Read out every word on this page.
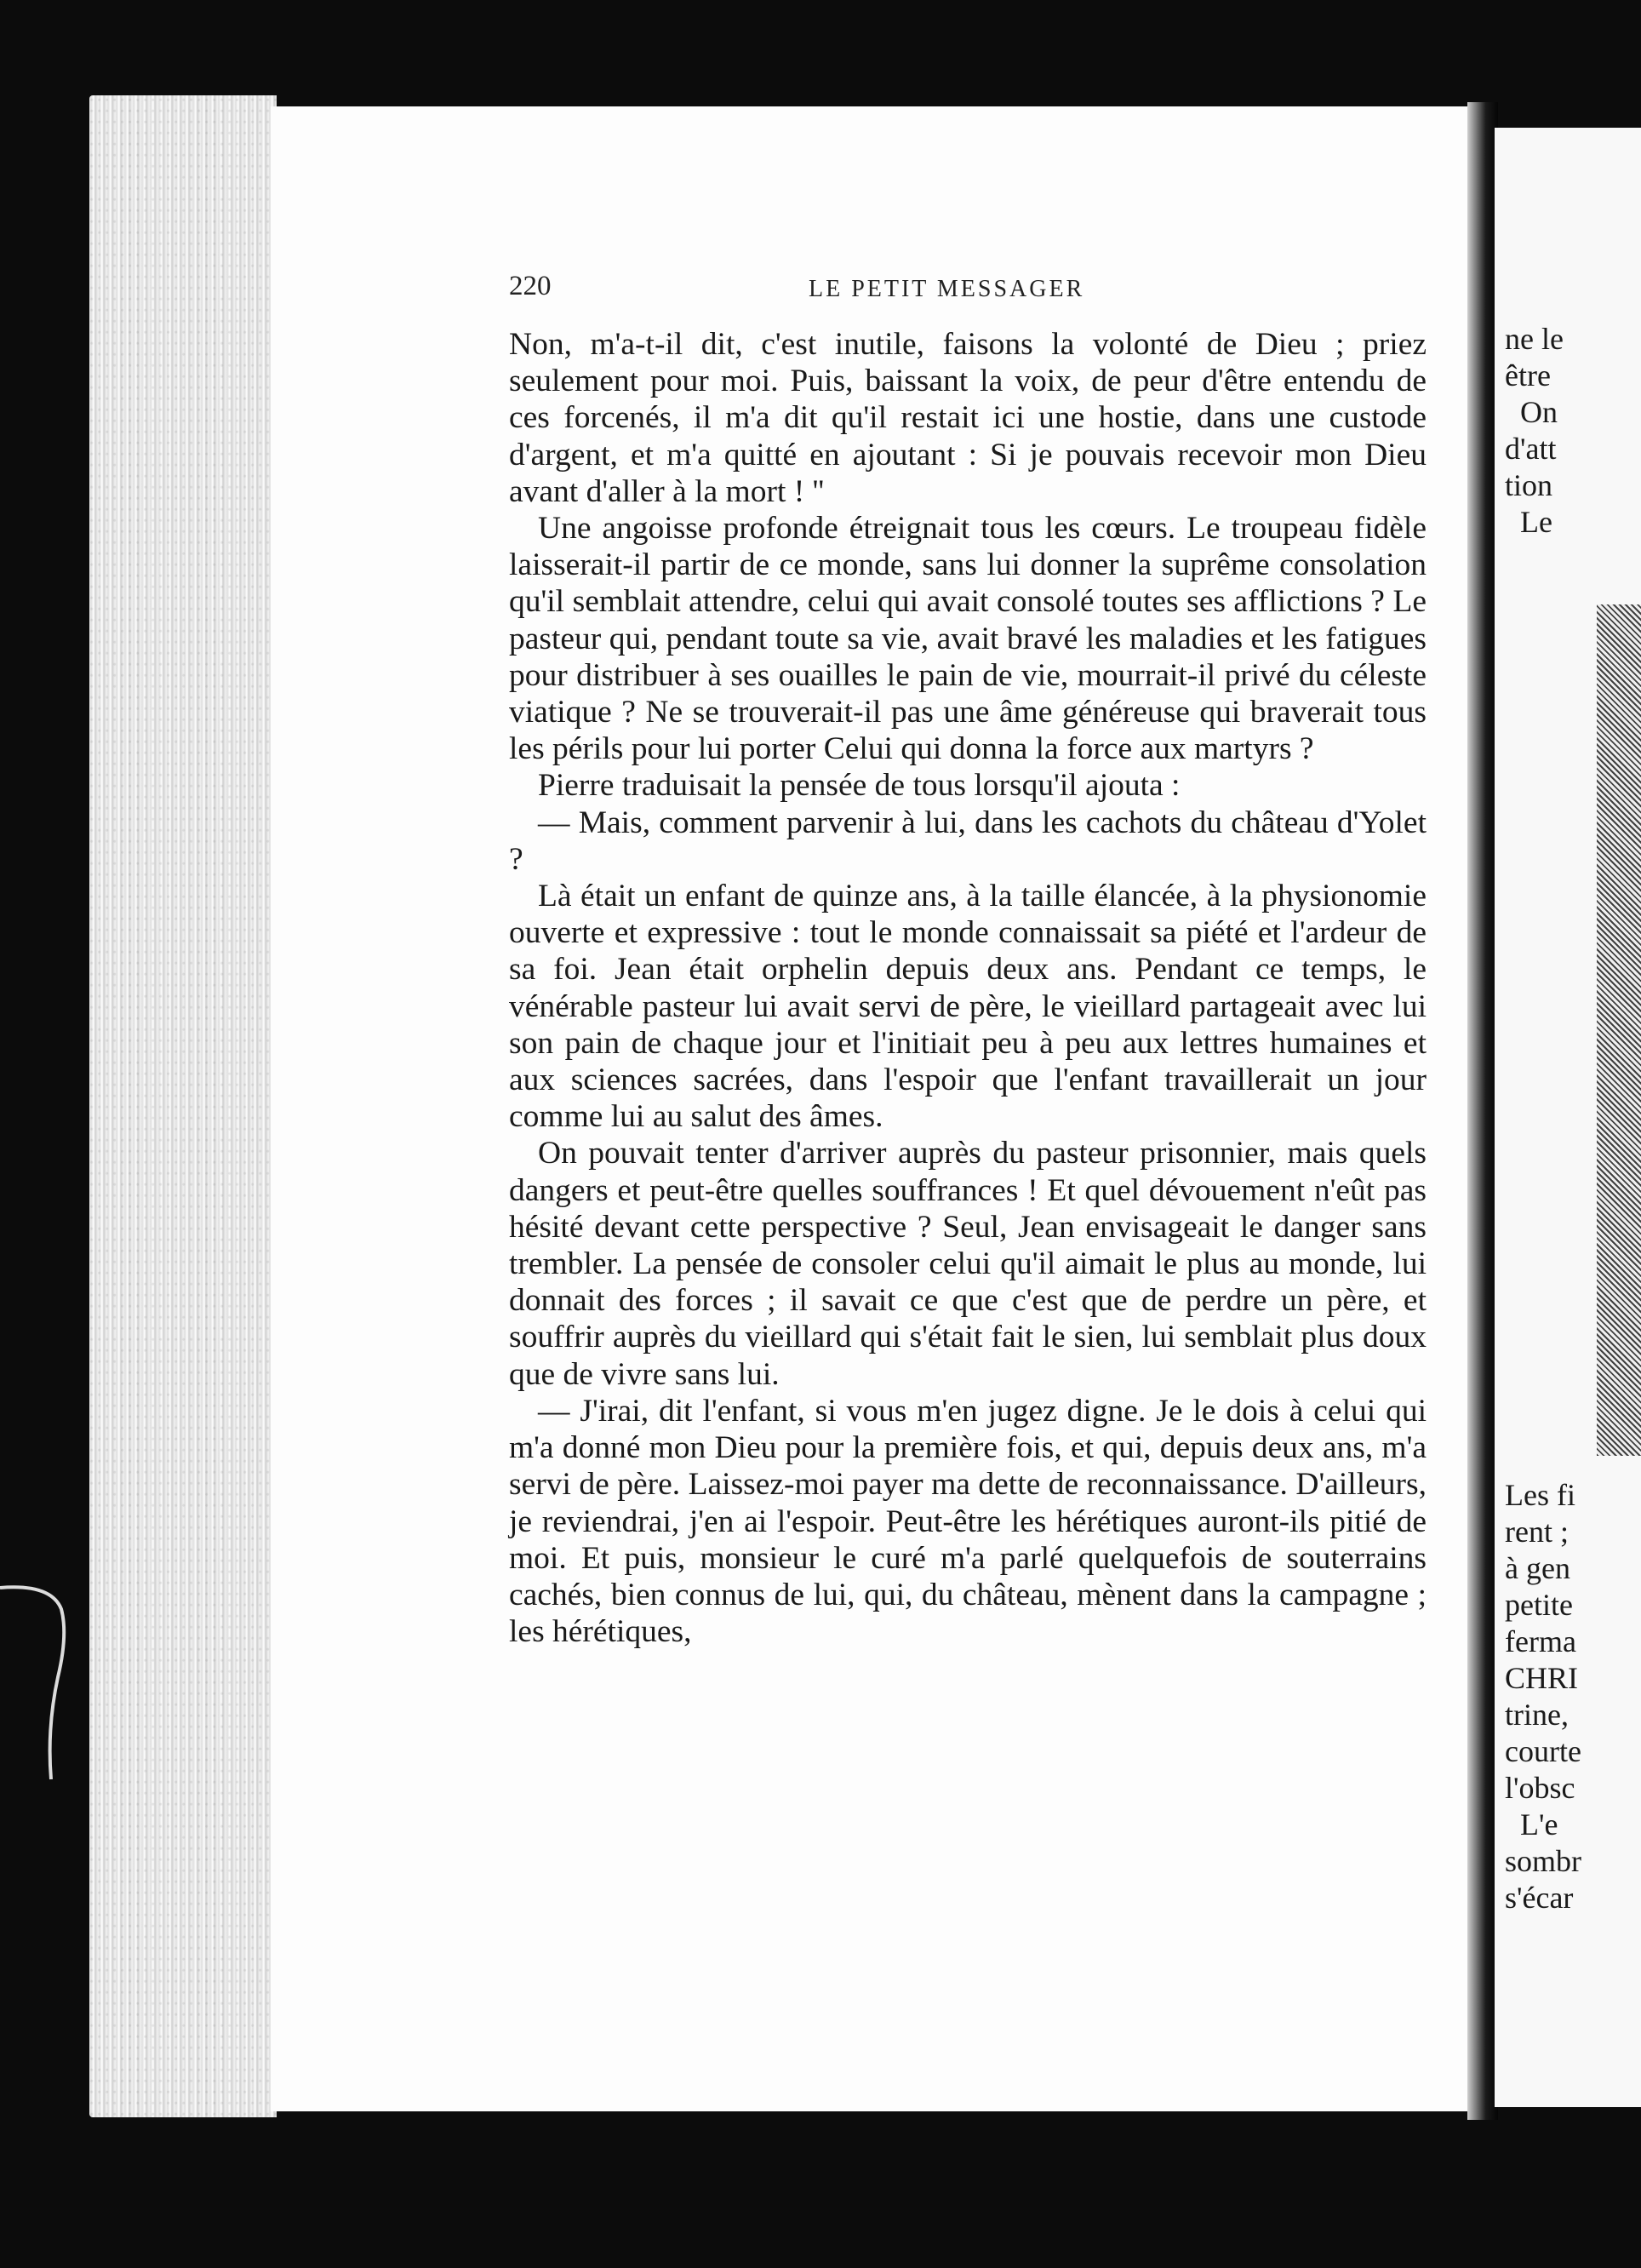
ne le
être
On
d'att
tion
Le
Les fi
rent ;
à gen
petite
ferma
CHRI
trine,
courte
l'obsc
L'e
sombr
s'écar
220	LE PETIT MESSAGER

Non, m'a-t-il dit, c'est inutile, faisons la volonté de Dieu ; priez seulement pour moi. Puis, baissant la voix, de peur d'être entendu de ces forcenés, il m'a dit qu'il restait ici une hostie, dans une custode d'argent, et m'a quitté en ajoutant : Si je pouvais recevoir mon Dieu avant d'aller à la mort ! ''

Une angoisse profonde étreignait tous les cœurs. Le troupeau fidèle laisserait-il partir de ce monde, sans lui donner la suprême consolation qu'il semblait attendre, celui qui avait consolé toutes ses afflictions ? Le pasteur qui, pendant toute sa vie, avait bravé les maladies et les fatigues pour distribuer à ses ouailles le pain de vie, mourrait-il privé du céleste viatique ? Ne se trouverait-il pas une âme généreuse qui braverait tous les périls pour lui porter Celui qui donna la force aux martyrs ?

Pierre traduisait la pensée de tous lorsqu'il ajouta :

— Mais, comment parvenir à lui, dans les cachots du château d'Yolet ?

Là était un enfant de quinze ans, à la taille élancée, à la physionomie ouverte et expressive : tout le monde connaissait sa piété et l'ardeur de sa foi. Jean était orphelin depuis deux ans. Pendant ce temps, le vénérable pasteur lui avait servi de père, le vieillard partageait avec lui son pain de chaque jour et l'initiait peu à peu aux lettres humaines et aux sciences sacrées, dans l'espoir que l'enfant travaillerait un jour comme lui au salut des âmes.

On pouvait tenter d'arriver auprès du pasteur prisonnier, mais quels dangers et peut-être quelles souffrances ! Et quel dévouement n'eût pas hésité devant cette perspective ? Seul, Jean envisageait le danger sans trembler. La pensée de consoler celui qu'il aimait le plus au monde, lui donnait des forces ; il savait ce que c'est que de perdre un père, et souffrir auprès du vieillard qui s'était fait le sien, lui semblait plus doux que de vivre sans lui.

— J'irai, dit l'enfant, si vous m'en jugez digne. Je le dois à celui qui m'a donné mon Dieu pour la première fois, et qui, depuis deux ans, m'a servi de père. Laissez-moi payer ma dette de reconnaissance. D'ailleurs, je reviendrai, j'en ai l'espoir. Peut-être les hérétiques auront-ils pitié de moi. Et puis, monsieur le curé m'a parlé quelquefois de souterrains cachés, bien connus de lui, qui, du château, mènent dans la campagne ; les hérétiques,
